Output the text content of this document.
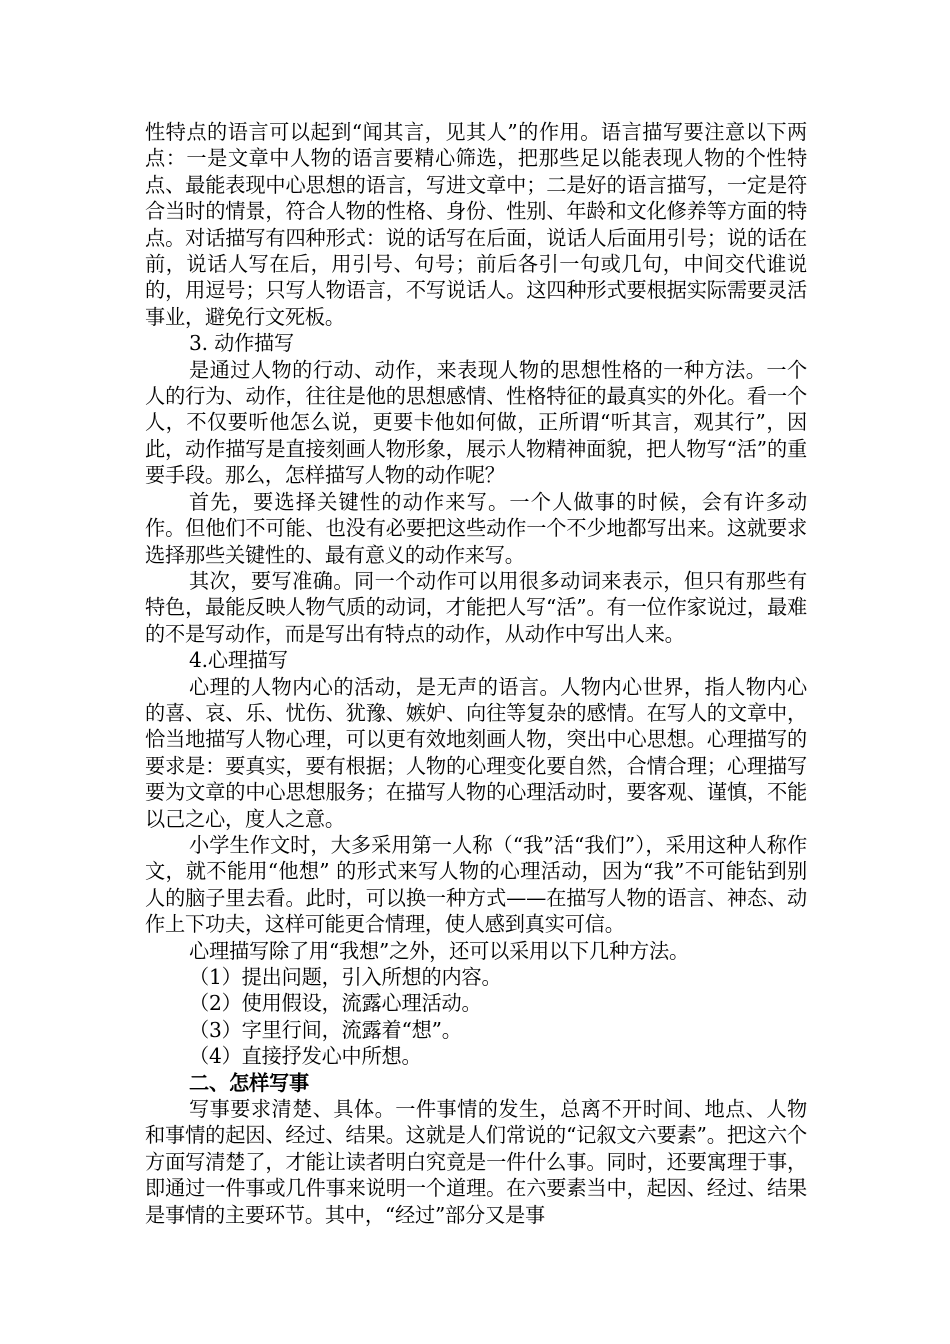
性特点的语言可以起到“闻其言，见其人”的作用。语言描写要注意以下两点：一是文章中人物的语言要精心筛选，把那些足以能表现人物的个性特点、最能表现中心思想的语言，写进文章中；二是好的语言描写，一定是符合当时的情景，符合人物的性格、身份、性别、年龄和文化修养等方面的特点。对话描写有四种形式：说的话写在后面，说话人后面用引号；说的话在前，说话人写在后，用引号、句号；前后各引一句或几句，中间交代谁说的，用逗号；只写人物语言，不写说话人。这四种形式要根据实际需要灵活事业，避免行文死板。

3. 动作描写

是通过人物的行动、动作，来表现人物的思想性格的一种方法。一个人的行为、动作，往往是他的思想感情、性格特征的最真实的外化。看一个人，不仅要听他怎么说，更要卡他如何做，正所谓“听其言，观其行”，因此，动作描写是直接刻画人物形象，展示人物精神面貌，把人物写“活”的重要手段。那么，怎样描写人物的动作呢？

首先，要选择关键性的动作来写。一个人做事的时候，会有许多动作。但他们不可能、也没有必要把这些动作一个不少地都写出来。这就要求选择那些关键性的、最有意义的动作来写。

其次，要写准确。同一个动作可以用很多动词来表示，但只有那些有特色，最能反映人物气质的动词，才能把人写“活”。有一位作家说过，最难的不是写动作，而是写出有特点的动作，从动作中写出人来。

4.心理描写

心理的人物内心的活动，是无声的语言。人物内心世界，指人物内心的喜、哀、乐、忧伤、犹豫、嫉妒、向往等复杂的感情。在写人的文章中，恰当地描写人物心理，可以更有效地刻画人物，突出中心思想。心理描写的要求是：要真实，要有根据；人物的心理变化要自然，合情合理；心理描写要为文章的中心思想服务；在描写人物的心理活动时，要客观、谨慎，不能以己之心，度人之意。

小学生作文时，大多采用第一人称（“我”活“我们”），采用这种人称作文，就不能用“他想” 的形式来写人物的心理活动，因为“我”不可能钻到别人的脑子里去看。此时，可以换一种方式——在描写人物的语言、神态、动作上下功夫，这样可能更合情理，使人感到真实可信。

心理描写除了用“我想”之外，还可以采用以下几种方法。

（1）提出问题，引入所想的内容。

（2）使用假设，流露心理活动。

（3）字里行间，流露着“想”。

（4）直接抒发心中所想。

二、怎样写事

写事要求清楚、具体。一件事情的发生，总离不开时间、地点、人物和事情的起因、经过、结果。这就是人们常说的“记叙文六要素”。把这六个方面写清楚了，才能让读者明白究竟是一件什么事。同时，还要寓理于事，即通过一件事或几件事来说明一个道理。在六要素当中，起因、经过、结果是事情的主要环节。其中，“经过”部分又是事
